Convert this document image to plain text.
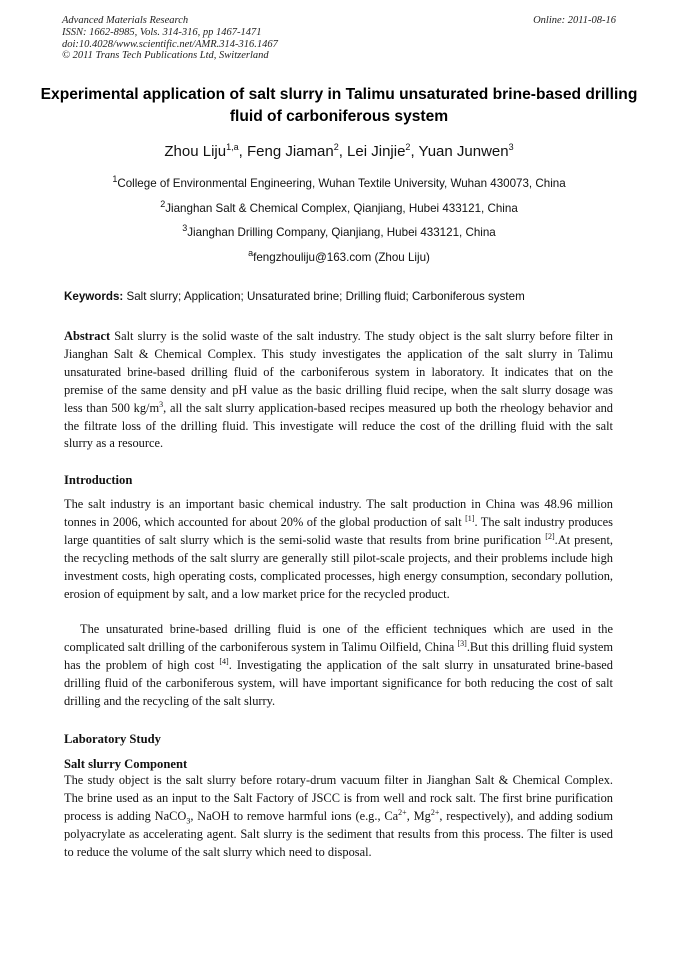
Advanced Materials Research
ISSN: 1662-8985, Vols. 314-316, pp 1467-1471
doi:10.4028/www.scientific.net/AMR.314-316.1467
© 2011 Trans Tech Publications Ltd, Switzerland
Online: 2011-08-16
Experimental application of salt slurry in Talimu unsaturated brine-based drilling fluid of carboniferous system
Zhou Liju$^{1,a}$, Feng Jiaman$^2$, Lei Jinjie$^2$, Yuan Junwen$^3$
$^1$College of Environmental Engineering, Wuhan Textile University, Wuhan 430073, China
$^2$Jianghan Salt & Chemical Complex, Qianjiang, Hubei 433121, China
$^3$Jianghan Drilling Company, Qianjiang, Hubei 433121, China
$^a$fengzhouliju@163.com (Zhou Liju)
Keywords: Salt slurry; Application; Unsaturated brine; Drilling fluid; Carboniferous system
Abstract Salt slurry is the solid waste of the salt industry. The study object is the salt slurry before filter in Jianghan Salt & Chemical Complex. This study investigates the application of the salt slurry in Talimu unsaturated brine-based drilling fluid of the carboniferous system in laboratory. It indicates that on the premise of the same density and pH value as the basic drilling fluid recipe, when the salt slurry dosage was less than 500 $kg/m^3$, all the salt slurry application-based recipes measured up both the rheology behavior and the filtrate loss of the drilling fluid. This investigate will reduce the cost of the drilling fluid with the salt slurry as a resource.
Introduction
The salt industry is an important basic chemical industry. The salt production in China was 48.96 million tonnes in 2006, which accounted for about 20% of the global production of salt [1]. The salt industry produces large quantities of salt slurry which is the semi-solid waste that results from brine purification [2].At present, the recycling methods of the salt slurry are generally still pilot-scale projects, and their problems include high investment costs, high operating costs, complicated processes, high energy consumption, secondary pollution, erosion of equipment by salt, and a low market price for the recycled product.
The unsaturated brine-based drilling fluid is one of the efficient techniques which are used in the complicated salt drilling of the carboniferous system in Talimu Oilfield, China [3].But this drilling fluid system has the problem of high cost [4]. Investigating the application of the salt slurry in unsaturated brine-based drilling fluid of the carboniferous system, will have important significance for both reducing the cost of salt drilling and the recycling of the salt slurry.
Laboratory Study
Salt slurry Component
The study object is the salt slurry before rotary-drum vacuum filter in Jianghan Salt & Chemical Complex. The brine used as an input to the Salt Factory of JSCC is from well and rock salt. The first brine purification process is adding NaCO$_3$, NaOH to remove harmful ions (e.g., $Ca^{2+}$, $Mg^{2+}$, respectively), and adding sodium polyacrylate as accelerating agent. Salt slurry is the sediment that results from this process. The filter is used to reduce the volume of the salt slurry which need to disposal.
